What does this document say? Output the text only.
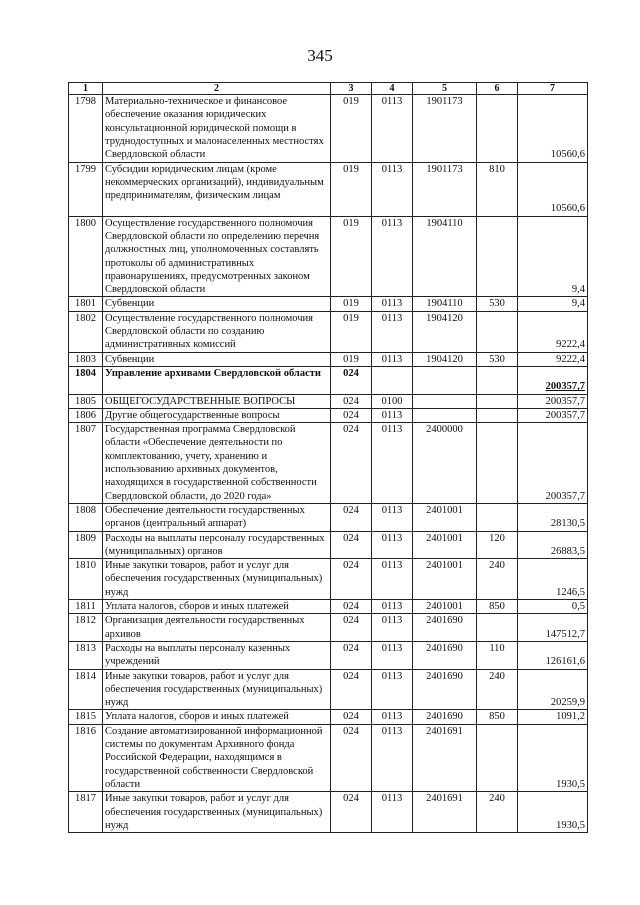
345
1	2	3	4	5	6	7
1798	Материально-техническое и финансовое обеспечение оказания юридических консультационной юридической помощи в труднодоступных и малонаселенных местностях Свердловской области	019	0113	1901173		10560,6
1799	Субсидии юридическим лицам (кроме некоммерческих организаций), индивидуальным предпринимателям, физическим лицам	019	0113	1901173	810	10560,6
1800	Осуществление государственного полномочия Свердловской области по определению перечня должностных лиц, уполномоченных составлять протоколы об административных правонарушениях, предусмотренных законом Свердловской области	019	0113	1904110		9,4
1801	Субвенции	019	0113	1904110	530	9,4
1802	Осуществление государственного полномочия Свердловской области по созданию административных комиссий	019	0113	1904120		9222,4
1803	Субвенции	019	0113	1904120	530	9222,4
1804	Управление архивами Свердловской области	024				200357,7
1805	ОБЩЕГОСУДАРСТВЕННЫЕ ВОПРОСЫ	024	0100			200357,7
1806	Другие общегосударственные вопросы	024	0113			200357,7
1807	Государственная программа Свердловской области «Обеспечение деятельности по комплектованию, учету, хранению и использованию архивных документов, находящихся в государственной собственности Свердловской области, до 2020 года»	024	0113	2400000		200357,7
1808	Обеспечение деятельности государственных органов (центральный аппарат)	024	0113	2401001		28130,5
1809	Расходы на выплаты персоналу государственных (муниципальных) органов	024	0113	2401001	120	26883,5
1810	Иные закупки товаров, работ и услуг для обеспечения государственных (муниципальных) нужд	024	0113	2401001	240	1246,5
1811	Уплата налогов, сборов и иных платежей	024	0113	2401001	850	0,5
1812	Организация деятельности государственных архивов	024	0113	2401690		147512,7
1813	Расходы на выплаты персоналу казенных учреждений	024	0113	2401690	110	126161,6
1814	Иные закупки товаров, работ и услуг для обеспечения государственных (муниципальных) нужд	024	0113	2401690	240	20259,9
1815	Уплата налогов, сборов и иных платежей	024	0113	2401690	850	1091,2
1816	Создание автоматизированной информационной системы по документам Архивного фонда Российской Федерации, находящимся в государственной собственности Свердловской области	024	0113	2401691		1930,5
1817	Иные закупки товаров, работ и услуг для обеспечения государственных (муниципальных) нужд	024	0113	2401691	240	1930,5
